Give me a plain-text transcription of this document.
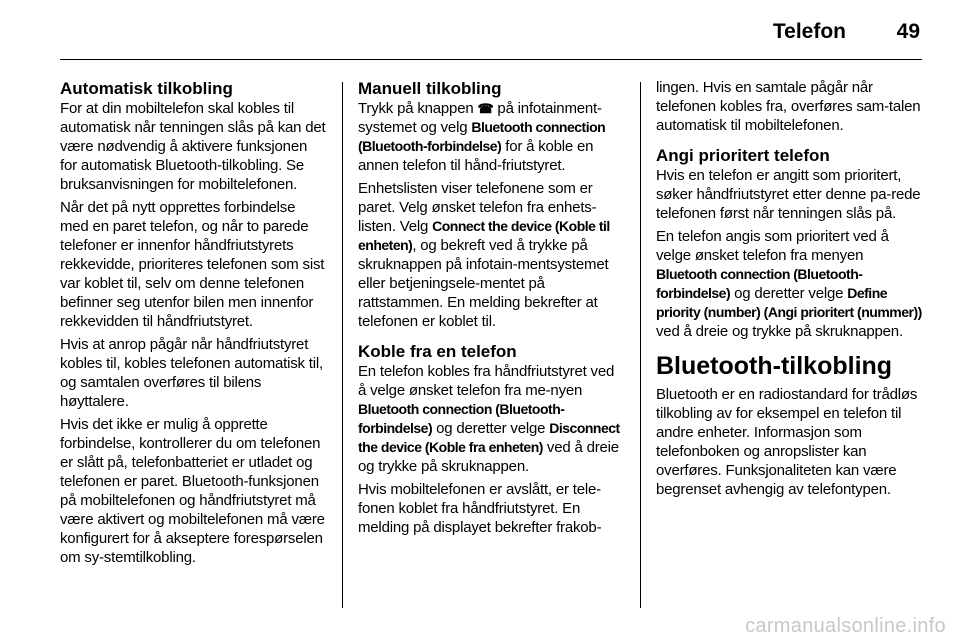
Telefon 49
Automatisk tilkobling

For at din mobiltelefon skal kobles til automatisk når tenningen slås på kan det være nødvendig å aktivere funksjonen for automatisk Bluetooth-tilkobling. Se bruksanvisningen for mobiltelefonen.

Når det på nytt opprettes forbindelse med en paret telefon, og når to parede telefoner er innenfor håndfriutstyrets rekkevidde, prioriteres telefonen som sist var koblet til, selv om denne telefonen befinner seg utenfor bilen men innenfor rekkevidden til håndfriutstyret.

Hvis at anrop pågår når håndfriutstyret kobles til, kobles telefonen automatisk til, og samtalen overføres til bilens høyttalere.

Hvis det ikke er mulig å opprette forbindelse, kontrollerer du om telefonen er slått på, telefonbatteriet er utladet og telefonen er paret. Bluetooth-funksjonen på mobiltelefonen og håndfriutstyret må være aktivert og mobiltelefonen må være konfigurert for å akseptere forespørselen om sy-stemtilkobling.

Manuell tilkobling

Trykk på knappen ☎ på infotainment-systemet og velg Bluetooth connection (Bluetooth-forbindelse) for å koble en annen telefon til hånd-friutstyret.

Enhetslisten viser telefonene som er paret. Velg ønsket telefon fra enhets-listen. Velg Connect the device (Koble til enheten), og bekreft ved å trykke på skruknappen på infotain-mentsystemet eller betjeningsele-mentet på rattstammen. En melding bekrefter at telefonen er koblet til.

Koble fra en telefon

En telefon kobles fra håndfriutstyret ved å velge ønsket telefon fra me-nyen Bluetooth connection (Bluetooth-forbindelse) og deretter velge Disconnect the device (Koble fra enheten) ved å dreie og trykke på skruknappen.

Hvis mobiltelefonen er avslått, er tele-fonen koblet fra håndfriutstyret. En melding på displayet bekrefter frakob-

lingen. Hvis en samtale pågår når telefonen kobles fra, overføres sam-talen automatisk til mobiltelefonen.

Angi prioritert telefon

Hvis en telefon er angitt som prioritert, søker håndfriutstyret etter denne pa-rede telefonen først når tenningen slås på.

En telefon angis som prioritert ved å velge ønsket telefon fra menyen Bluetooth connection (Bluetooth-forbindelse) og deretter velge Define priority (number) (Angi prioritert (nummer)) ved å dreie og trykke på skruknappen.

Bluetooth-tilkobling

Bluetooth er en radiostandard for trådløs tilkobling av for eksempel en telefon til andre enheter. Informasjon som telefonboken og anropslister kan overføres. Funksjonaliteten kan være begrenset avhengig av telefontypen.

carmanualsonline.info
